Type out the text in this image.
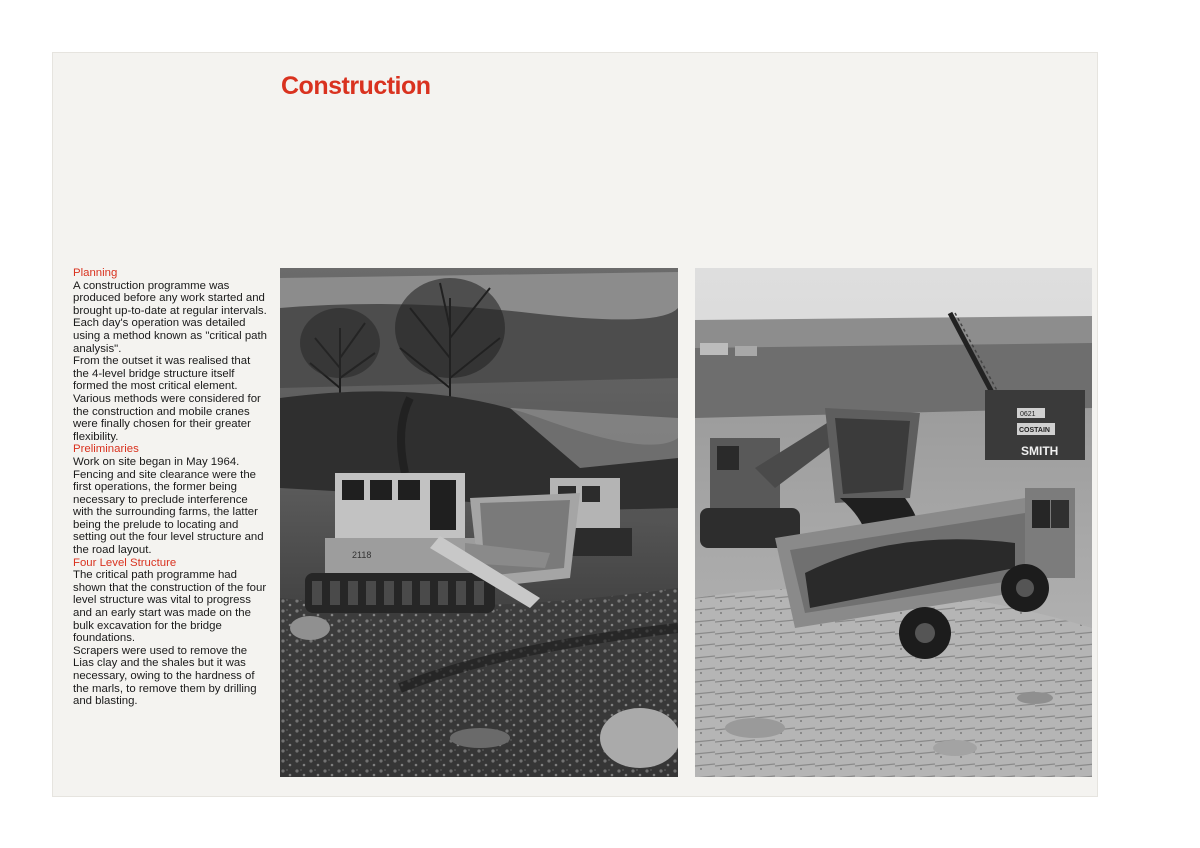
Construction

Planning

A construction programme was produced before any work started and brought up-to-date at regular intervals. Each day's operation was detailed using a method known as "critical path analysis".

From the outset it was realised that the 4-level bridge structure itself formed the most critical element. Various methods were considered for the construction and mobile cranes were finally chosen for their greater flexibility.

Preliminaries

Work on site began in May 1964. Fencing and site clearance were the first operations, the former being necessary to preclude interference with the surrounding farms, the latter being the prelude to locating and setting out the four level structure and the road layout.

Four Level Structure

The critical path programme had shown that the construction of the four level structure was vital to progress and an early start was made on the bulk excavation for the bridge foundations.

Scrapers were used to remove the Lias clay and the shales but it was necessary, owing to the hardness of the marls, to remove them by drilling and blasting.

2118
0621
COSTAIN
SMITH
